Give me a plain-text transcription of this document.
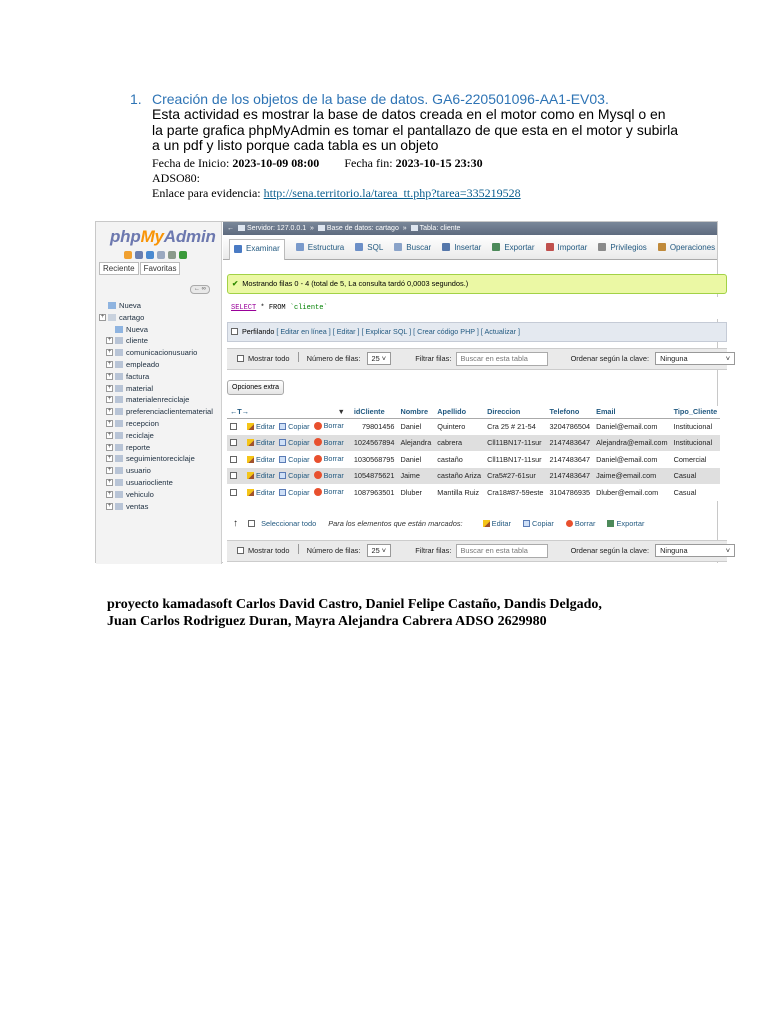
1. Creación de los objetos de la base de datos. GA6-220501096-AA1-EV03.
Esta actividad es mostrar la base de datos creada en el motor como en Mysql o en
la parte grafica phpMyAdmin es tomar el pantallazo de que esta en el motor y subirla
a un pdf y listo porque cada tabla es un objeto
Fecha de Inicio: 2023-10-09 08:00 Fecha fin: 2023-10-15 23:30
ADSO80:
Enlace para evidencia: http://sena.territorio.la/tarea_tt.php?tarea=335219528
phpMyAdmin
Reciente	Favoritas
← ∞
Nueva
+ cartago
Nueva
+ cliente
+ comunicacionusuario
+ empleado
+ factura
+ material
+ materialenreciclaje
+ preferenciaclientematerial
+ recepcion
+ reciclaje
+ reporte
+ seguimientoreciclaje
+ usuario
+ usuariocliente
+ vehiculo
+ ventas
← Servidor: 127.0.0.1  » Base de datos: cartago  » Tabla: cliente
Examinar	Estructura	SQL	Buscar	Insertar	Exportar	Importar	Privilegios	Operaciones
✔ Mostrando filas 0 - 4 (total de 5, La consulta tardó 0,0003 segundos.)
SELECT * FROM `cliente`
Perfilando [ Editar en línea ] [ Editar ] [ Explicar SQL ] [ Crear código PHP ] [ Actualizar ]
Mostrar todo Número de filas: 25 ˅	Filtrar filas: Buscar en esta tabla	Ordenar según la clave: Ninguna	˅
Opciones extra
←T→ ▼		idCliente	Nombre	Apellido	Direccion	Telefono	Email	Tipo_Cliente

	Editar Copiar Borrar	79801456	Daniel	Quintero	Cra 25 # 21-54	3204786504	Daniel@email.com	Institucional

	Editar Copiar Borrar	1024567894	Alejandra	cabrera	Cll11BN17-11sur	2147483647	Alejandra@email.com	Institucional

	Editar Copiar Borrar	1030568795	Daniel	castaño	Cll11BN17-11sur	2147483647	Daniel@email.com	Comercial

	Editar Copiar Borrar	1054875621	Jaime	castaño Ariza	Cra5#27-61sur	2147483647	Jaime@email.com	Casual

	Editar Copiar Borrar	1087963501	Dluber	Mantilla Ruiz	Cra18#87-59este	3104786935	Dluber@email.com	Casual
↑	Seleccionar todo Para los elementos que están marcados:	Editar	Copiar	Borrar	Exportar
Mostrar todo Número de filas: 25 ˅	Filtrar filas: Buscar en esta tabla	Ordenar según la clave: Ninguna	˅
proyecto kamadasoft Carlos David Castro, Daniel Felipe Castaño, Dandis Delgado,
Juan Carlos Rodriguez Duran, Mayra Alejandra Cabrera ADSO 2629980
